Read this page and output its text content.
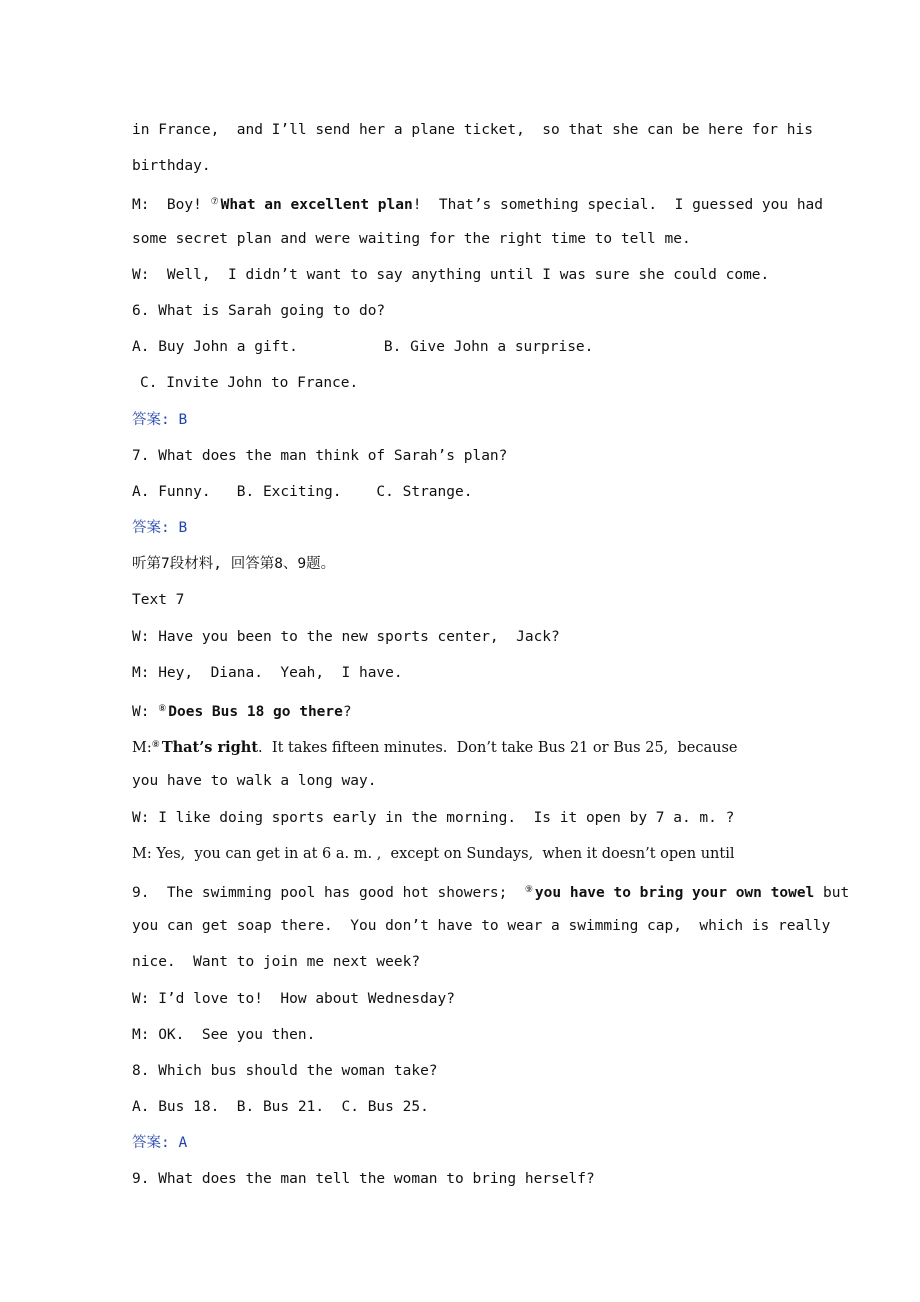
in France,  and I’ll send her a plane ticket,  so that she can be here for his
birthday.
M:  Boy! ⑦ What an excellent plan!  That’s something special.  I guessed you had
some secret plan and were waiting for the right time to tell me.
W:  Well,  I didn’t want to say anything until I was sure she could come.
6. What is Sarah going to do?
A. Buy John a gift.	B. Give John a surprise.
C. Invite John to France.
答案: B
7. What does the man think of Sarah’s plan?
A. Funny.   B. Exciting.    C. Strange.
答案: B
听第7段材料, 回答第8、9题。
Text 7
W: Have you been to the new sports center,  Jack?
M: Hey,  Diana.  Yeah,  I have.
W: ⑧ Does Bus 18 go there?
M:⑧ That’s right.  It takes fifteen minutes.  Don’t take Bus 21 or Bus 25,  because
you have to walk a long way.
W: I like doing sports early in the morning.  Is it open by 7 a. m. ?
M: Yes,  you can get in at 6 a. m. ,  except on Sundays,  when it doesn’t open until
9.  The swimming pool has good hot showers;  ⑨ you have to bring your own towel but
you can get soap there.  You don’t have to wear a swimming cap,  which is really
nice.  Want to join me next week?
W: I’d love to!  How about Wednesday?
M: OK.  See you then.
8. Which bus should the woman take?
A. Bus 18.  B. Bus 21.  C. Bus 25.
答案: A
9. What does the man tell the woman to bring herself?
